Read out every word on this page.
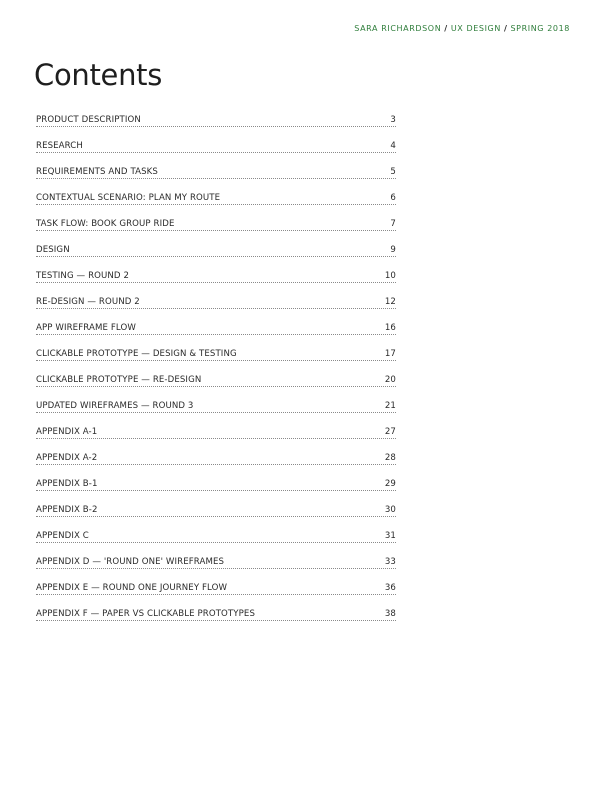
SARA RICHARDSON / UX DESIGN / SPRING 2018
Contents
PRODUCT DESCRIPTION	3
RESEARCH	4
REQUIREMENTS AND TASKS	5
CONTEXTUAL SCENARIO: PLAN MY ROUTE	6
TASK FLOW: BOOK GROUP RIDE	7
DESIGN	9
TESTING — ROUND 2	10
RE-DESIGN — ROUND 2	12
APP WIREFRAME FLOW	16
CLICKABLE PROTOTYPE — DESIGN & TESTING	17
CLICKABLE PROTOTYPE — RE-DESIGN	20
UPDATED WIREFRAMES — ROUND 3	21
APPENDIX A-1	27
APPENDIX A-2	28
APPENDIX B-1	29
APPENDIX B-2	30
APPENDIX C	31
APPENDIX D — 'ROUND ONE' WIREFRAMES	33
APPENDIX E — ROUND ONE JOURNEY FLOW	36
APPENDIX F — PAPER VS CLICKABLE PROTOTYPES	38
